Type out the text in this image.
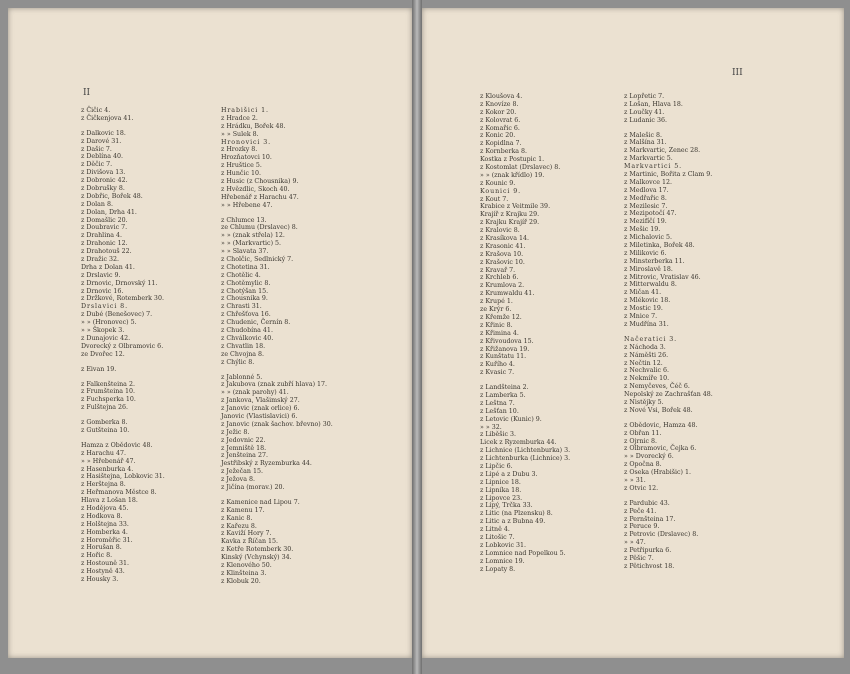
II
z Čičic 4.
z Čičkenjova 41.
z Dalkovic 18.
z Darové 31.
z Dašic 7.
z Deblína 40.
z Děčic 7.
z Divišova 13.
z Dobronic 42.
z Dobrušky 8.
z Dobřic, Bořek 48.
z Dolan 8.
z Dolan, Drha 41.
z Domašlic 20.
z Doubravic 7.
z Drahlina 4.
z Drahonic 12.
z Drahotouš 22.
z Dražic 32.
Drha z Dolan 41.
z Drslavic 9.
z Drnovic, Drnovský 11.
z Drnovic 16.
z Držkové, Rotemberk 30.
Drslavici 8.
z Dubé (Benešovec) 7.
» » (Hronovec) 5.
» » Škopek 3.
z Dunajovic 42.
Dvorecký z Olbramovic 6.
ze Dvořec 12.
z Eivan 19.
z Falkenšteina 2.
z Frumšteina 10.
z Fuchsperka 10.
z Fulštejna 26.
z Gomberka 8.
z Gutšteina 10.
Hamza z Obědovic 48.
z Harachu 47.
» » Hřebenář 47.
z Hasenburka 4.
z Hasištejna, Lobkovic 31.
z Herštejna 8.
z Heřmanova Městce 8.
Hlava z Lošan 18.
z Hodějova 45.
z Hodkova 8.
z Holštejna 33.
z Homberka 4.
z Horoměřic 31.
z Horušan 8.
z Hořic 8.
z Hostouně 31.
z Hostyně 43.
z Housky 3.
Hrabišici 1.
z Hradce 2.
z Hrádku, Bořek 48.
» » Sulek 8.
Hronovici 3.
z Hrozky 8.
Hrozňatovci 10.
z Hruštice 5.
z Hunčic 10.
z Husic (z Chousnika) 9.
z Hvězdlic, Skoch 40.
Hřebenář z Harachu 47.
» » Hřebene 47.
z Chlumce 13.
ze Chlumu (Drslavec) 8.
» » (znak střela) 12.
» » (Markvartic) 5.
» » Slavata 37.
z Cholčic, Sedlnický 7.
z Chotetina 31.
z Chotělic 4.
z Chotěmylic 8.
z Chotýšan 15.
z Chousnika 9.
z Chrasti 31.
z Chřešťova 16.
z Chudenic, Černín 8.
z Chudobína 41.
z Chválkovic 40.
z Chvatlin 18.
ze Chvojna 8.
z Chýlic 8.
z Jablonné 5.
z Jakubova (znak zubří hlava) 17.
» » (znak parohy) 41.
z Jankova, Vlašimský 27.
z Janovic (znak orlice) 6.
Janovic (Vlastislavici) 6.
z Janovic (znak šachov. břevno) 30.
z Ježic 8.
z Jedovnic 22.
z Jemniště 18.
z Jenšteina 27.
Jestřibský z Ryzemburka 44.
z Ježečan 15.
z Ježova 8.
z Jičína (morav.) 20.
z Kamenice nad Lipou 7.
z Kamenu 17.
z Kanic 8.
z Kařezu 8.
z Kaviží Hory 7.
Kavka z Říčan 15.
z Ketře Rotemberk 30.
Kinský (Vchynský) 34.
z Klenového 50.
z Klinšteina 3.
z Klobuk 20.
III
z Kloušova 4.
z Knovíze 8.
z Kokor 20.
z Kolovrat 6.
z Komařic 6.
z Konic 20.
z Kopidlna 7.
z Kornberka 8.
Kostka z Postupic 1.
z Kostomlat (Drslavec) 8.
» » (znak křídlo) 19.
z Kounic 9.
Kounici 9.
z Kout 7.
Krabice z Veitmile 39.
Krajíř z Krajku 29.
z Krajku Krajíř 29.
z Kralovic 8.
z Krasíkova 14.
z Krasonic 41.
z Krašova 10.
z Krašovic 10.
z Kravař 7.
z Krchleb 6.
z Krumlova 2.
z Krumwaldu 41.
z Krupé 1.
ze Krýr 6.
z Křemže 12.
z Křinic 8.
z Křimina 4.
z Křivoudova 15.
z Křižanova 19.
z Kunštatu 11.
z Kuřího 4.
z Kvasic 7.
z Landšteina 2.
z Lamberka 5.
z Leštna 7.
z Lešťan 10.
z Letovic (Kunic) 9.
» » 32.
z Liběšic 3.
Licek z Ryzemburka 44.
z Lichnice (Lichtenburka) 3.
z Lichtenburka (Lichnice) 3.
z Lipčic 6.
z Lipé a z Dubu 3.
z Lipnice 18.
z Lipníka 18.
z Lipovce 23.
z Lipý, Trčka 33.
z Litic (na Plzensku) 8.
z Litic a z Bubna 49.
z Litně 4.
z Litošic 7.
z Lobkovic 31.
z Lomnice nad Popelkou 5.
z Lomnice 19.
z Lopaty 8.
z Lopřetic 7.
z Lošan, Hlava 18.
z Loučky 41.
z Ludanic 36.
z Malešic 8.
z Malšína 31.
z Markvartic, Zenec 28.
z Markvartic 5.
Markvartici 5.
z Martinic, Bořita z Clam 9.
z Malkovce 12.
z Medlova 17.
z Medřařic 8.
z Mezilesic 7.
z Mezipotočí 47.
z Mezifíčí 19.
z Mešic 19.
z Michalovic 5.
z Miletinka, Bořek 48.
z Milikovic 6.
z Minsterberka 11.
z Miroslavě 18.
z Mitrovic, Vratislav 46.
z Mitterwaldu 8.
z Mičan 41.
z Mlékovic 18.
z Mostic 19.
z Mnice 7.
z Mudřína 31.
Načeratici 3.
z Náchoda 3.
z Náměšti 26.
z Nečtin 12.
z Nechvalic 6.
z Nekmíře 10.
z Nemyčeves, Čéč 6.
Nepolský ze Zachrašťan 48.
z Nistějky 5.
z Nové Vsi, Bořek 48.
z Obědovic, Hamza 48.
z Obřan 11.
z Ojrnic 8.
z Olbramovic, Čejka 6.
» » Dvorecký 6.
z Opočna 8.
z Oseka (Hrabišic) 1.
» » 31.
z Otvic 12.
z Pardubic 43.
z Peče 41.
z Pernšteina 17.
z Peruce 9.
z Petrovic (Drslavec) 8.
» » 47.
z Petřipurka 6.
z Pěšic 7.
z Pětichvost 18.
